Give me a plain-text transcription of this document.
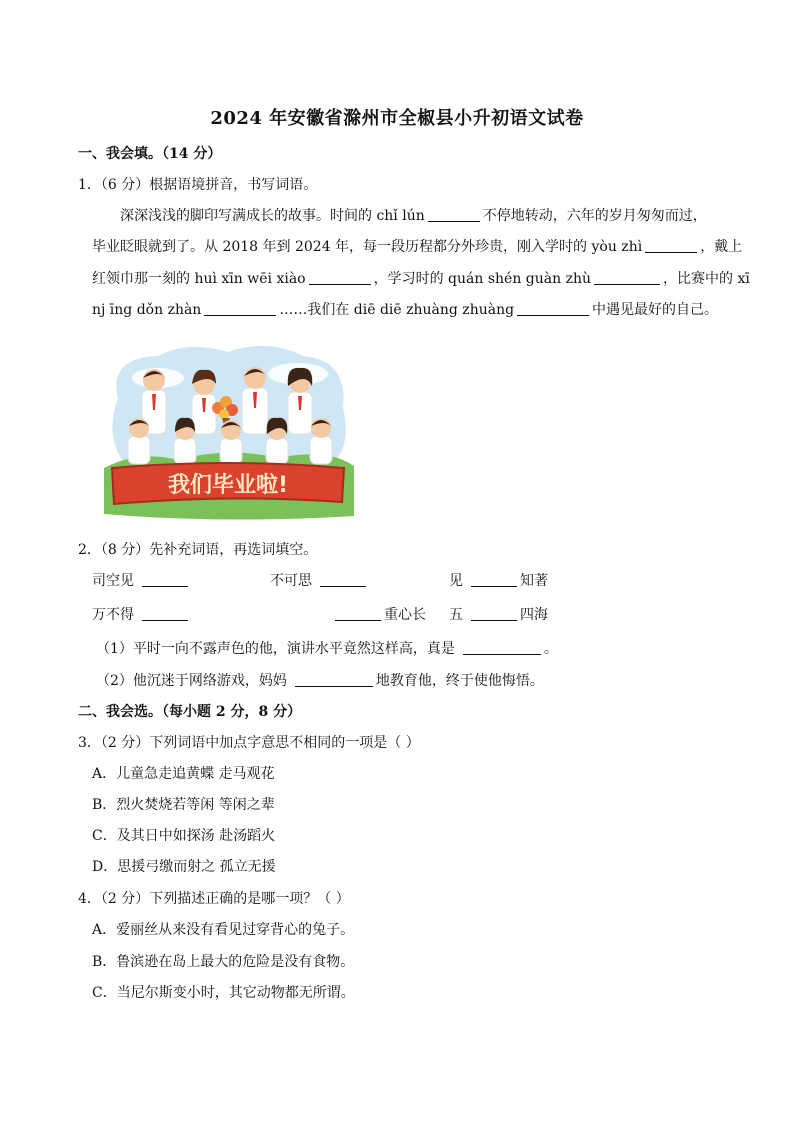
2024 年安徽省滁州市全椒县小升初语文试卷
一、我会填。（14 分）
1．（6 分）根据语境拼音，书写词语。
深深浅浅的脚印写满成长的故事。时间的 chǐ lún	不停地转动，六年的岁月匆匆而过，
毕业眨眼就到了。从 2018 年到 2024 年，每一段历程都分外珍贵，刚入学时的 yòu zhì	，戴上
红领巾那一刻的 huì xīn wēi xiào	，学习时的 quán shén guàn zhù	，比赛中的 xī
nj īng dǒn zhàn	……我们在 diē diē zhuàng zhuàng	中遇见最好的自己。
我们毕业啦!
2．（8 分）先补充词语，再选词填空。
司空见	不可思	见	知著
万不得	重心长 五	四海
（1）平时一向不露声色的他，演讲水平竟然这样高，真是	。
（2）他沉迷于网络游戏，妈妈	地教育他，终于使他悔悟。
二、我会选。（每小题 2 分，8 分）
3．（2 分）下列词语中加点字意思不相同的一项是（ ）
A．儿童急走追黄蝶 走马观花
B．烈火焚烧若等闲 等闲之辈
C．及其日中如探汤 赴汤蹈火
D．思援弓缴而射之 孤立无援
4．（2 分）下列描述正确的是哪一项？（ ）
A．爱丽丝从来没有看见过穿背心的兔子。
B．鲁滨逊在岛上最大的危险是没有食物。
C．当尼尔斯变小时，其它动物都无所谓。
